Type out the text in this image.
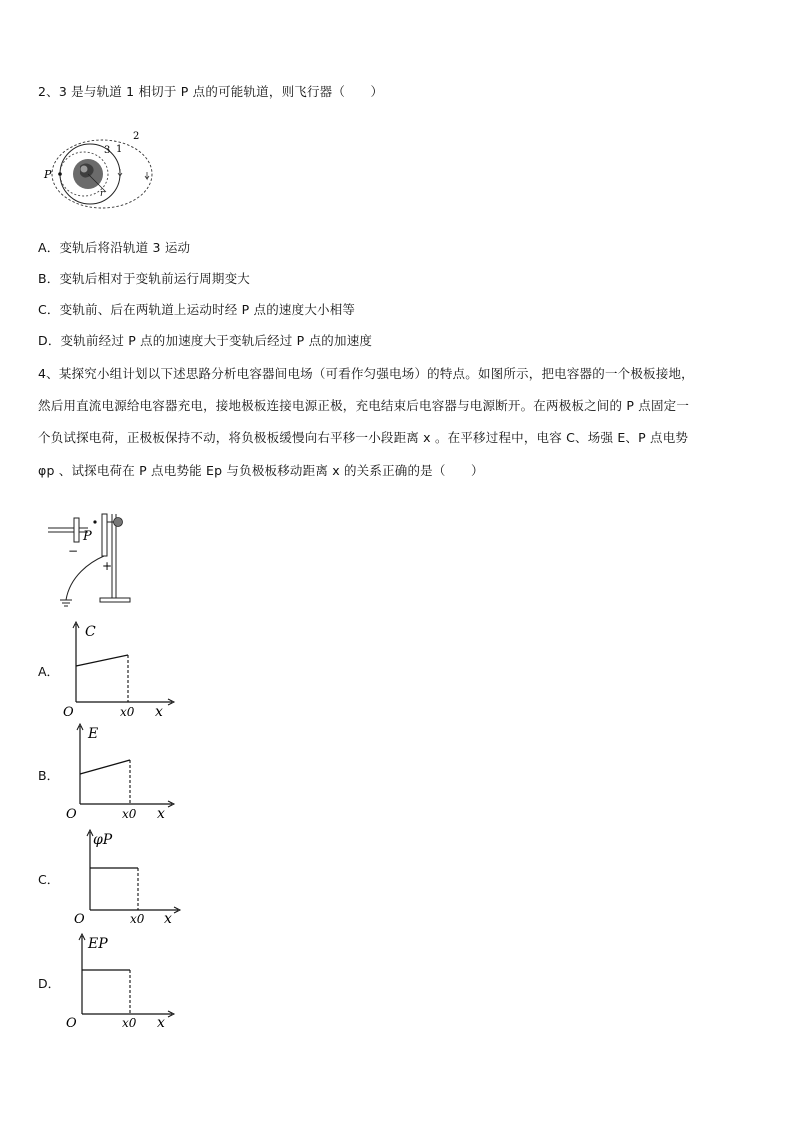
2、3 是与轨道 1 相切于 P 点的可能轨道，则飞行器（　　）
P
1
2
3
r
A．变轨后将沿轨道 3 运动
B．变轨后相对于变轨前运行周期变大
C．变轨前、后在两轨道上运动时经 P 点的速度大小相等
D．变轨前经过 P 点的加速度大于变轨后经过 P 点的加速度
4、某探究小组计划以下述思路分析电容器间电场（可看作匀强电场）的特点。如图所示，把电容器的一个极板接地，
然后用直流电源给电容器充电，接地极板连接电源正极，充电结束后电容器与电源断开。在两极板之间的 P 点固定一
个负试探电荷，正极板保持不动，将负极板缓慢向右平移一小段距离 x 。在平移过程中，电容 C、场强 E、P 点电势
φp 、试探电荷在 P 点电势能 Ep 与负极板移动距离 x 的关系正确的是（　　）
P
−
+
A．
C
O	x0 x
B．
E
O	x0 x
C．
φP
O	x0 x
D．
EP
O	x0 x
